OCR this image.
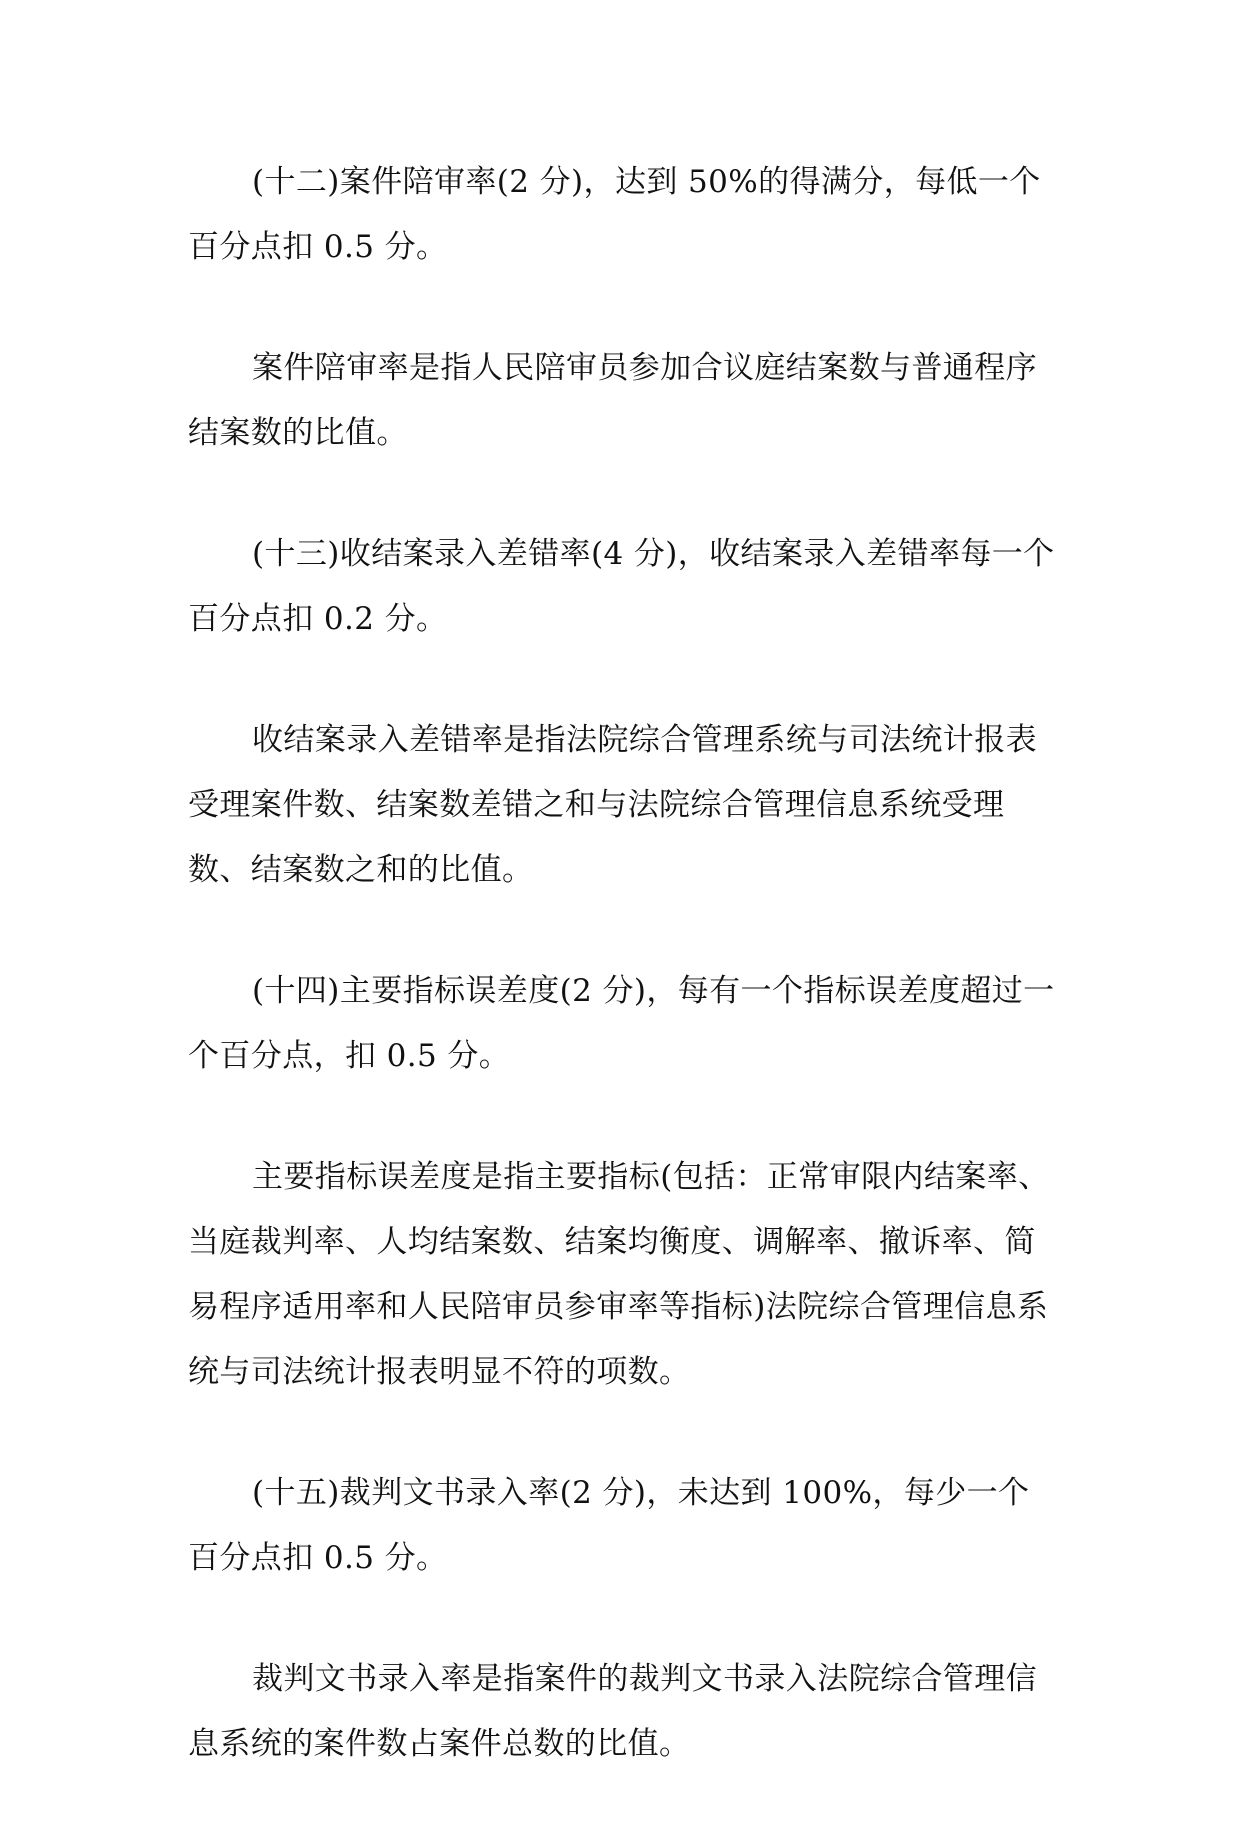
(十二)案件陪审率(2 分)，达到 50%的得满分，每低一个百分点扣 0.5 分。

案件陪审率是指人民陪审员参加合议庭结案数与普通程序结案数的比值。

(十三)收结案录入差错率(4 分)，收结案录入差错率每一个百分点扣 0.2 分。

收结案录入差错率是指法院综合管理系统与司法统计报表受理案件数、结案数差错之和与法院综合管理信息系统受理数、结案数之和的比值。

(十四)主要指标误差度(2 分)，每有一个指标误差度超过一个百分点，扣 0.5 分。

主要指标误差度是指主要指标(包括：正常审限内结案率、当庭裁判率、人均结案数、结案均衡度、调解率、撤诉率、简易程序适用率和人民陪审员参审率等指标)法院综合管理信息系统与司法统计报表明显不符的项数。

(十五)裁判文书录入率(2 分)，未达到 100%，每少一个百分点扣 0.5 分。

裁判文书录入率是指案件的裁判文书录入法院综合管理信息系统的案件数占案件总数的比值。
